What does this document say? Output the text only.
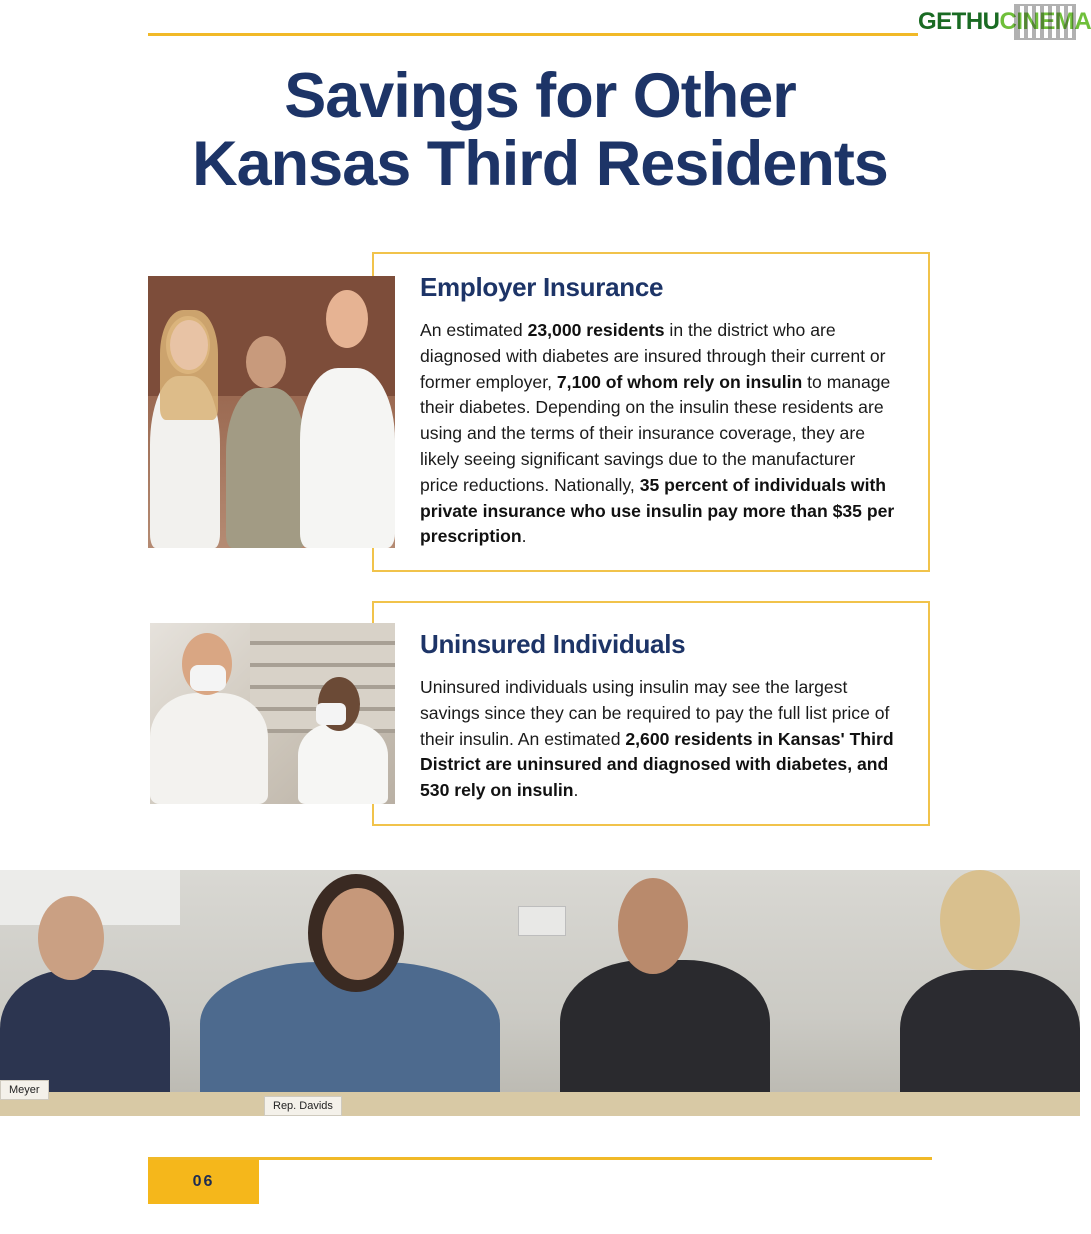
GETHU CINEMA
Savings for Other
Kansas Third Residents
Employer Insurance
An estimated 23,000 residents in the district who are diagnosed with diabetes are insured through their current or former employer, 7,100 of whom rely on insulin to manage their diabetes. Depending on the insulin these residents are using and the terms of their insurance coverage, they are likely seeing significant savings due to the manufacturer price reductions. Nationally, 35 percent of individuals with private insurance who use insulin pay more than $35 per prescription.
Uninsured Individuals
Uninsured individuals using insulin may see the largest savings since they can be required to pay the full list price of their insulin. An estimated 2,600 residents in Kansas' Third District are uninsured and diagnosed with diabetes, and 530 rely on insulin.
Meyer
Rep. Davids
06
